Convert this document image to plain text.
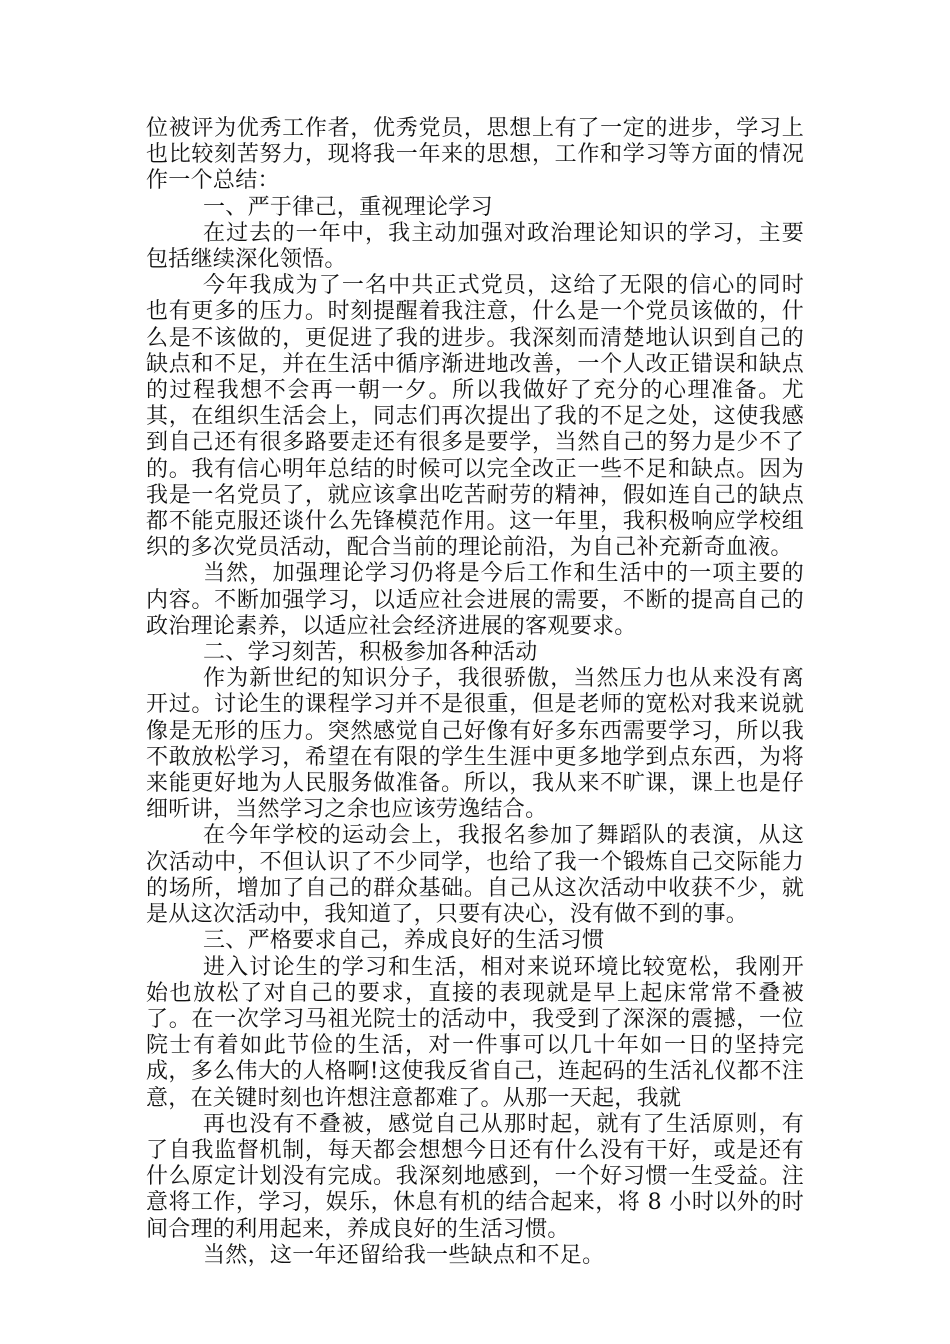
位被评为优秀工作者，优秀党员，思想上有了一定的进步，学习上也比较刻苦努力，现将我一年来的思想，工作和学习等方面的情况作一个总结：

一、严于律己，重视理论学习

在过去的一年中，我主动加强对政治理论知识的学习，主要包括继续深化领悟。

今年我成为了一名中共正式党员，这给了无限的信心的同时也有更多的压力。时刻提醒着我注意，什么是一个党员该做的，什么是不该做的，更促进了我的进步。我深刻而清楚地认识到自己的缺点和不足，并在生活中循序渐进地改善，一个人改正错误和缺点的过程我想不会再一朝一夕。所以我做好了充分的心理准备。尤其，在组织生活会上，同志们再次提出了我的不足之处，这使我感到自己还有很多路要走还有很多是要学，当然自己的努力是少不了的。我有信心明年总结的时候可以完全改正一些不足和缺点。因为我是一名党员了，就应该拿出吃苦耐劳的精神，假如连自己的缺点都不能克服还谈什么先锋模范作用。这一年里，我积极响应学校组织的多次党员活动，配合当前的理论前沿，为自己补充新奇血液。

当然，加强理论学习仍将是今后工作和生活中的一项主要的内容。不断加强学习，以适应社会进展的需要，不断的提高自己的政治理论素养，以适应社会经济进展的客观要求。

二、学习刻苦，积极参加各种活动

作为新世纪的知识分子，我很骄傲，当然压力也从来没有离开过。讨论生的课程学习并不是很重，但是老师的宽松对我来说就像是无形的压力。突然感觉自己好像有好多东西需要学习，所以我不敢放松学习，希望在有限的学生生涯中更多地学到点东西，为将来能更好地为人民服务做准备。所以，我从来不旷课，课上也是仔细听讲，当然学习之余也应该劳逸结合。

在今年学校的运动会上，我报名参加了舞蹈队的表演，从这次活动中，不但认识了不少同学，也给了我一个锻炼自己交际能力的场所，增加了自己的群众基础。自己从这次活动中收获不少，就是从这次活动中，我知道了，只要有决心，没有做不到的事。

三、严格要求自己，养成良好的生活习惯

进入讨论生的学习和生活，相对来说环境比较宽松，我刚开始也放松了对自己的要求，直接的表现就是早上起床常常不叠被了。在一次学习马祖光院士的活动中，我受到了深深的震撼，一位院士有着如此节俭的生活，对一件事可以几十年如一日的坚持完成，多么伟大的人格啊!这使我反省自己，连起码的生活礼仪都不注意，在关键时刻也许想注意都难了。从那一天起，我就

再也没有不叠被，感觉自己从那时起，就有了生活原则，有了自我监督机制，每天都会想想今日还有什么没有干好，或是还有什么原定计划没有完成。我深刻地感到，一个好习惯一生受益。注意将工作，学习，娱乐，休息有机的结合起来，将 8 小时以外的时间合理的利用起来，养成良好的生活习惯。

当然，这一年还留给我一些缺点和不足。
